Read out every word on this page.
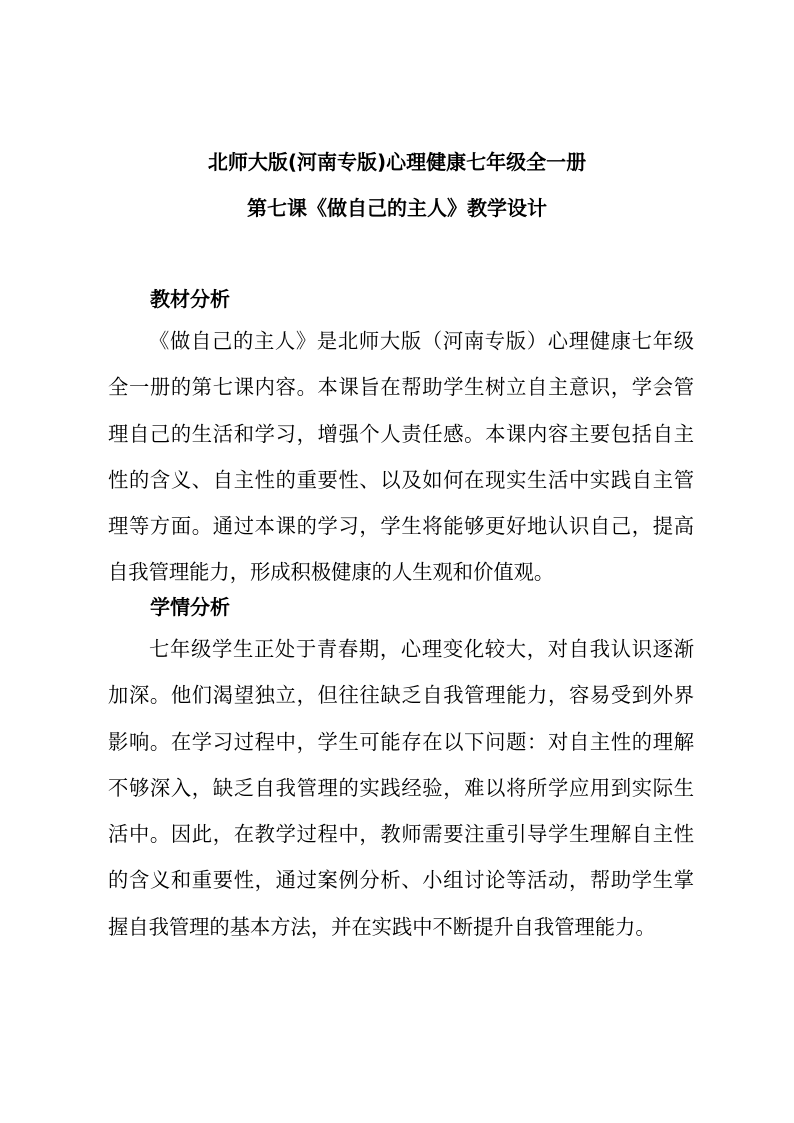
北师大版(河南专版)心理健康七年级全一册
第七课《做自己的主人》教学设计
教材分析

《做自己的主人》是北师大版（河南专版）心理健康七年级全一册的第七课内容。本课旨在帮助学生树立自主意识，学会管理自己的生活和学习，增强个人责任感。本课内容主要包括自主性的含义、自主性的重要性、以及如何在现实生活中实践自主管理等方面。通过本课的学习，学生将能够更好地认识自己，提高自我管理能力，形成积极健康的人生观和价值观。

学情分析

七年级学生正处于青春期，心理变化较大，对自我认识逐渐加深。他们渴望独立，但往往缺乏自我管理能力，容易受到外界影响。在学习过程中，学生可能存在以下问题：对自主性的理解不够深入，缺乏自我管理的实践经验，难以将所学应用到实际生活中。因此，在教学过程中，教师需要注重引导学生理解自主性的含义和重要性，通过案例分析、小组讨论等活动，帮助学生掌握自我管理的基本方法，并在实践中不断提升自我管理能力。
